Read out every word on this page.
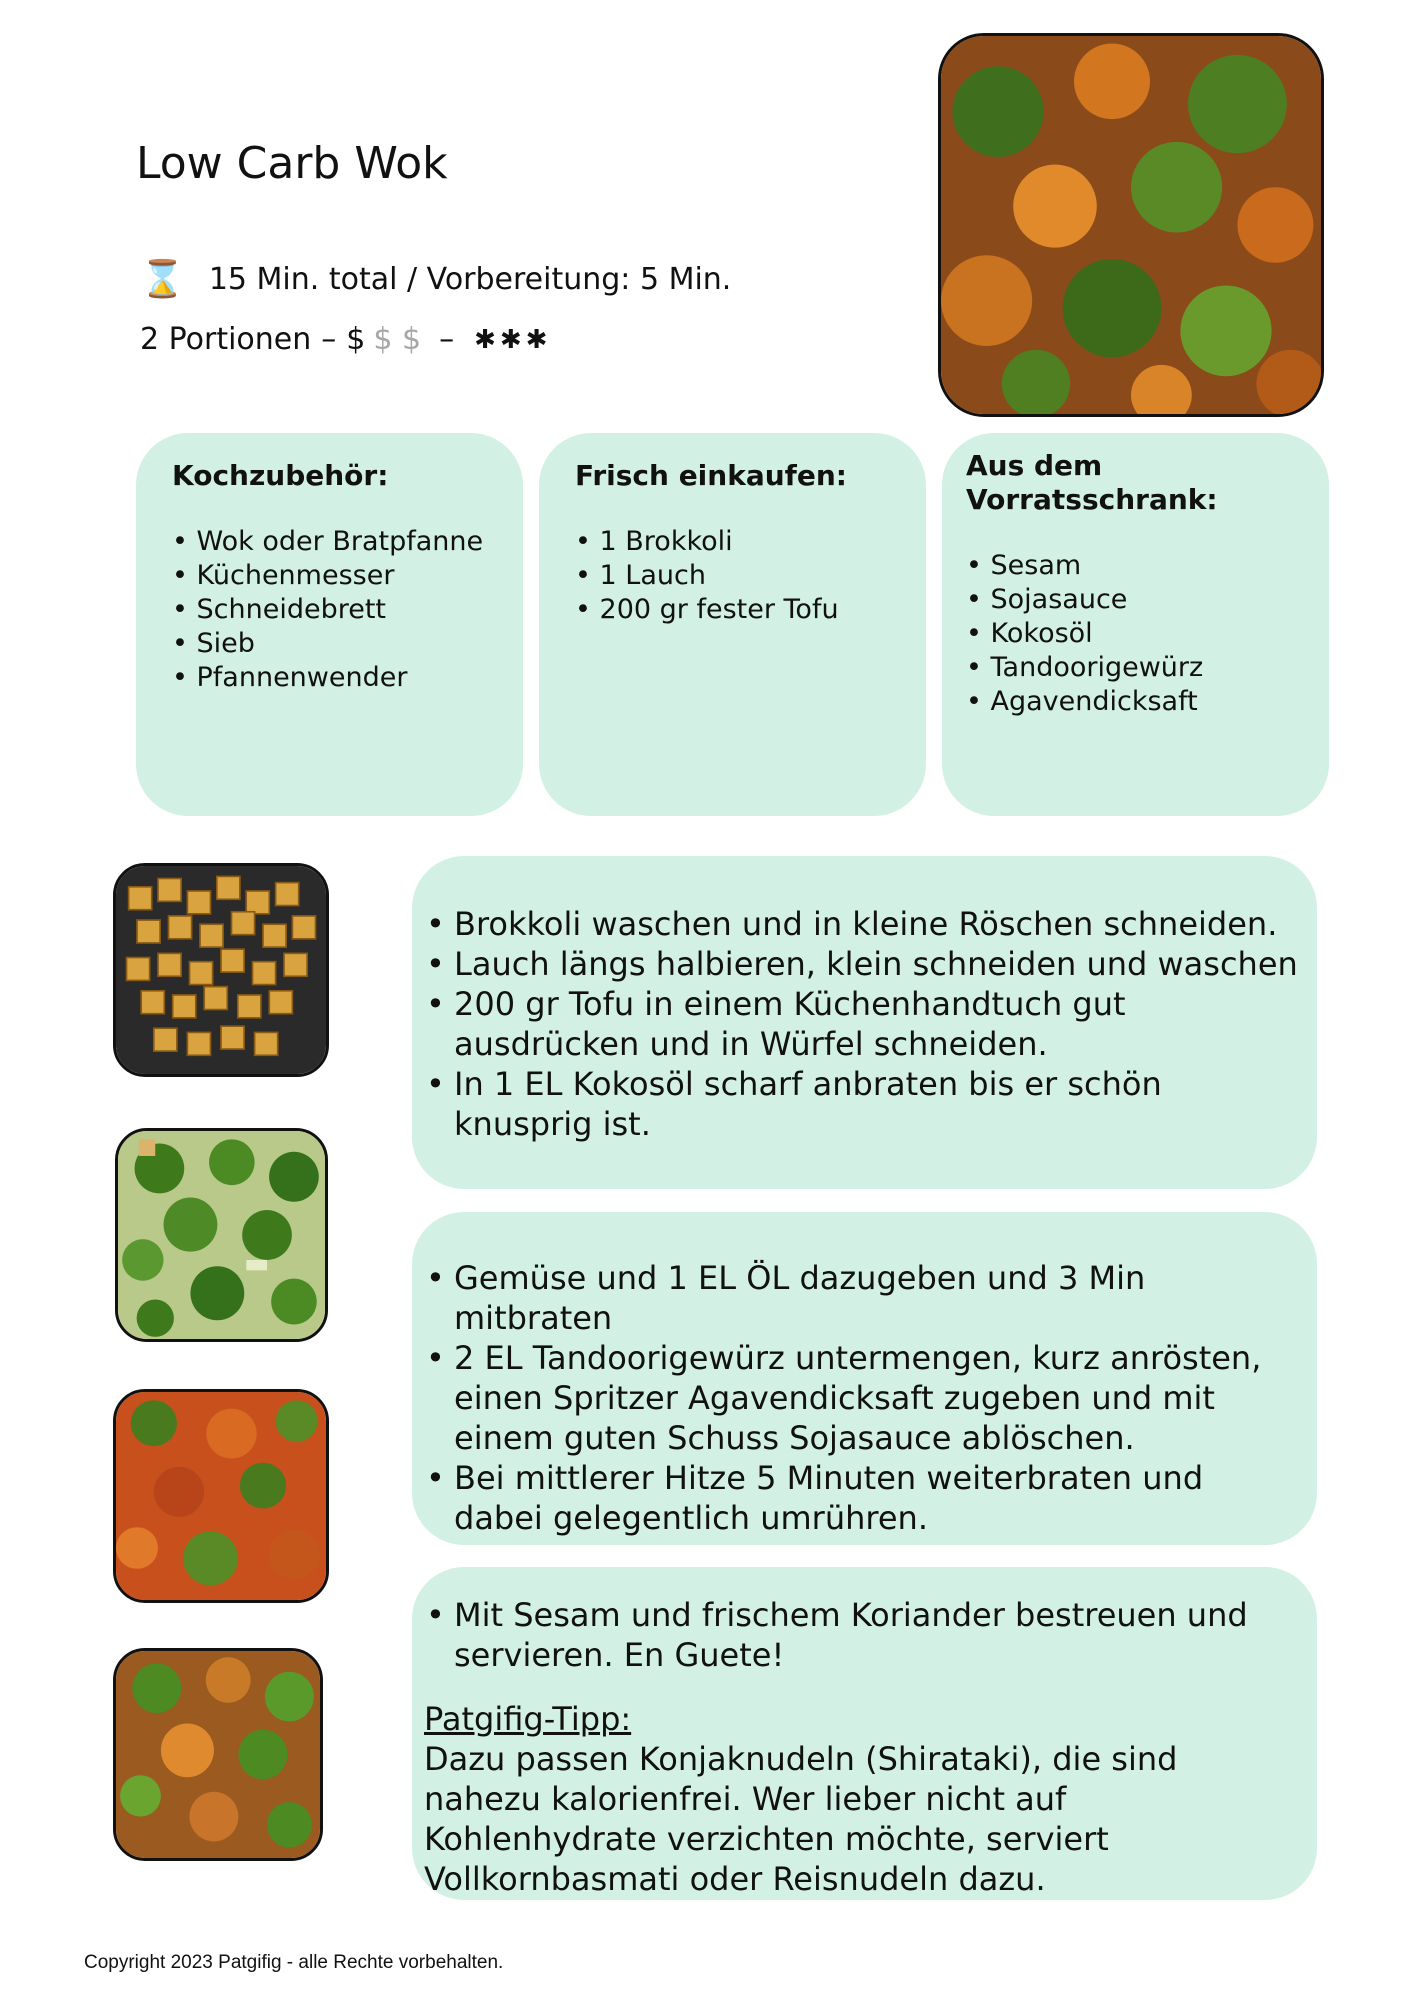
Low Carb Wok
⌛ 15 Min. total / Vorbereitung: 5 Min.
2 Portionen – $ $ $ – ✱✱✱
Kochzubehör:
• Wok oder Bratpfanne
• Küchenmesser
• Schneidebrett
• Sieb
• Pfannenwender
Frisch einkaufen:
• 1 Brokkoli
• 1 Lauch
• 200 gr fester Tofu
Aus dem
Vorratsschrank:
• Sesam
• Sojasauce
• Kokosöl
• Tandoorigewürz
• Agavendicksaft
• Brokkoli waschen und in kleine Röschen schneiden.
• Lauch längs halbieren, klein schneiden und waschen
• 200 gr Tofu in einem Küchenhandtuch gut ausdrücken und in Würfel schneiden.
• In 1 EL Kokosöl scharf anbraten bis er schön knusprig ist.
• Gemüse und 1 EL ÖL dazugeben und 3 Min mitbraten
• 2 EL Tandoorigewürz untermengen, kurz anrösten, einen Spritzer Agavendicksaft zugeben und mit einem guten Schuss Sojasauce ablöschen.
• Bei mittlerer Hitze 5 Minuten weiterbraten und dabei gelegentlich umrühren.
• Mit Sesam und frischem Koriander bestreuen und servieren. En Guete!
Patgifig-Tipp:
Dazu passen Konjaknudeln (Shirataki), die sind nahezu kalorienfrei. Wer lieber nicht auf Kohlenhydrate verzichten möchte, serviert Vollkornbasmati oder Reisnudeln dazu.
Copyright 2023 Patgifig - alle Rechte vorbehalten.
